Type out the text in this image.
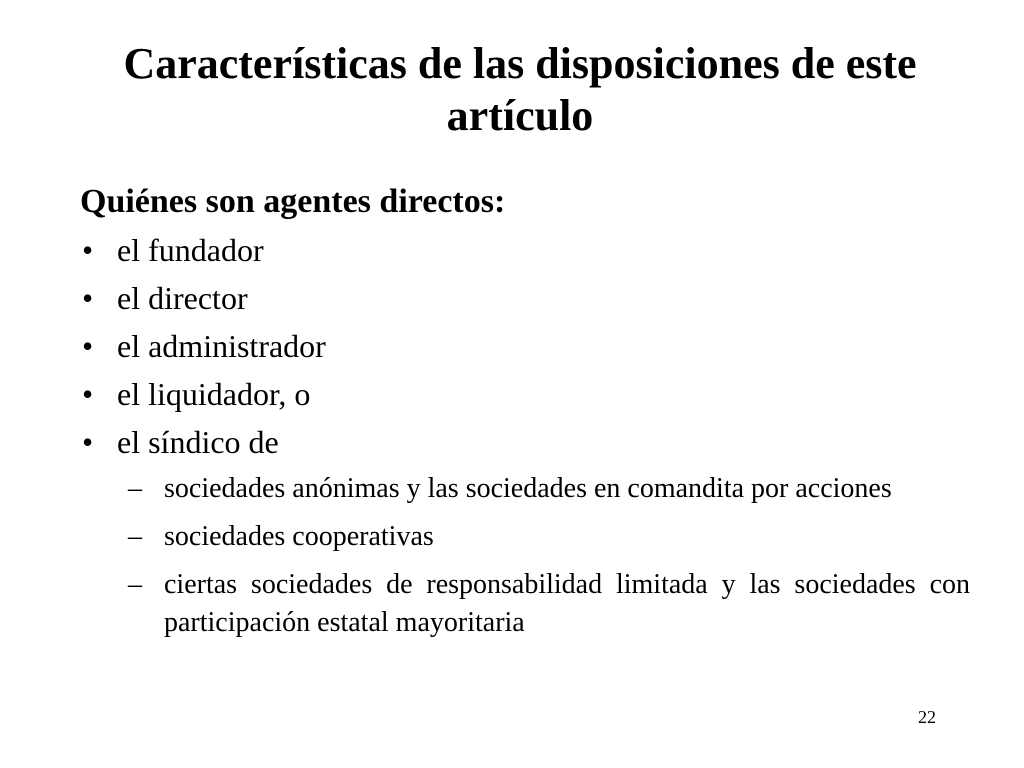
Características de las disposiciones de este artículo

Quiénes son agentes directos:

• el fundador
• el director
• el administrador
• el liquidador, o
• el síndico de
– sociedades anónimas y las sociedades en comandita por acciones
– sociedades cooperativas
– ciertas sociedades de responsabilidad limitada y las sociedades con participación estatal mayoritaria
22
